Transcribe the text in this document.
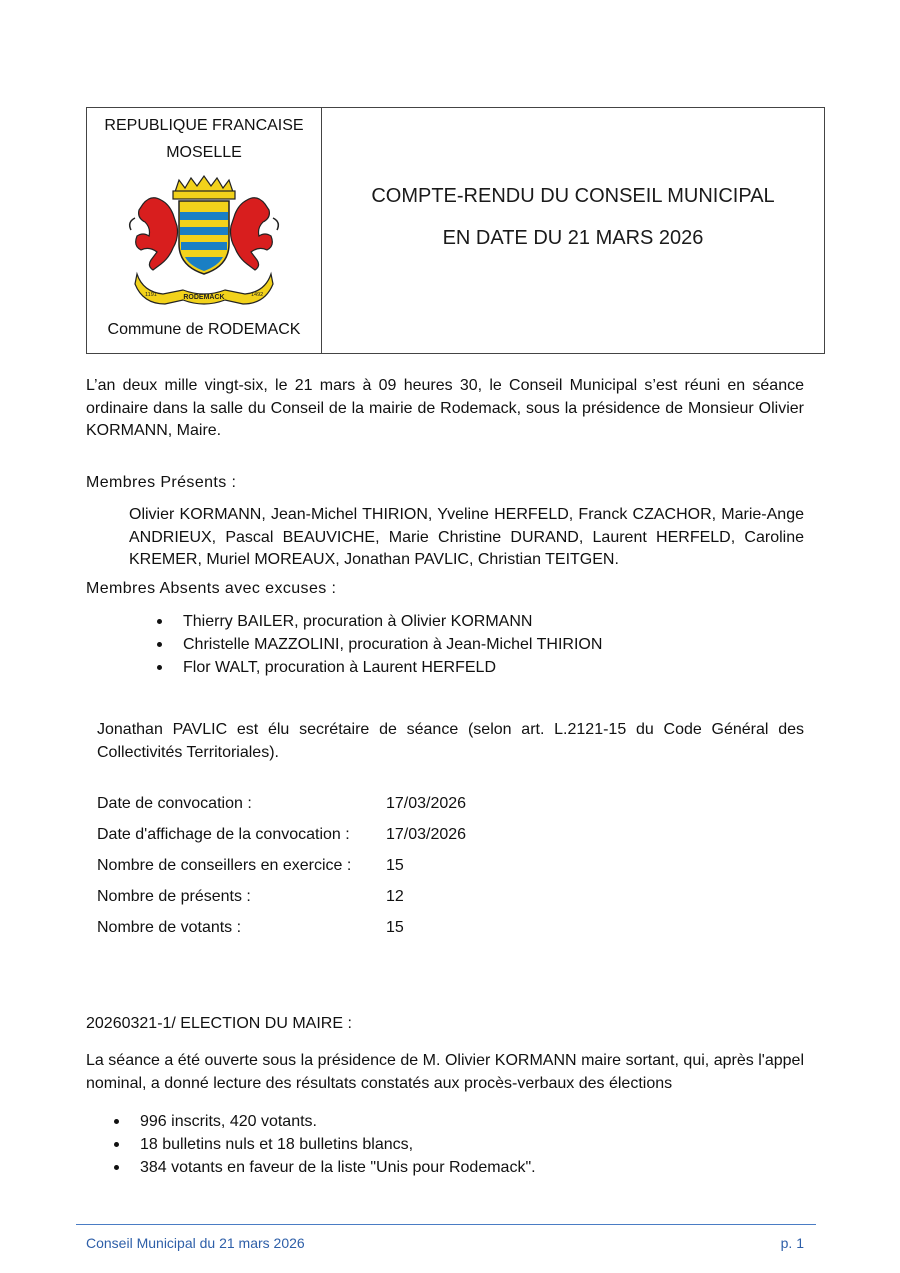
REPUBLIQUE FRANCAISE
MOSELLE
RODEMACK
1191	1492
Commune de RODEMACK
COMPTE-RENDU DU CONSEIL MUNICIPAL
EN DATE DU 21 MARS 2026
L’an deux mille vingt-six, le 21 mars à 09 heures 30, le Conseil Municipal s’est réuni en séance ordinaire dans la salle du Conseil de la mairie de Rodemack, sous la présidence de Monsieur Olivier KORMANN, Maire.
Membres Présents :
Olivier KORMANN, Jean-Michel THIRION, Yveline HERFELD, Franck CZACHOR, Marie-Ange ANDRIEUX, Pascal BEAUVICHE, Marie Christine DURAND, Laurent HERFELD, Caroline KREMER, Muriel MOREAUX, Jonathan PAVLIC, Christian TEITGEN.
Membres Absents avec excuses :
Thierry BAILER, procuration à Olivier KORMANN
Christelle MAZZOLINI, procuration à Jean-Michel THIRION
Flor WALT, procuration à Laurent HERFELD
Jonathan PAVLIC est élu secrétaire de séance (selon art. L.2121-15 du Code Général des Collectivités Territoriales).
Date de convocation :	17/03/2026
Date d'affichage de la convocation : 17/03/2026
Nombre de conseillers en exercice : 15
Nombre de présents :	12
Nombre de votants :	15
20260321-1/ ELECTION DU MAIRE :
La séance a été ouverte sous la présidence de M. Olivier KORMANN maire sortant, qui, après l'appel nominal, a donné lecture des résultats constatés aux procès-verbaux des élections
996 inscrits, 420 votants.
18 bulletins nuls et 18 bulletins blancs,
384 votants en faveur de la liste "Unis pour Rodemack".
Conseil Municipal du 21 mars 2026	p. 1
